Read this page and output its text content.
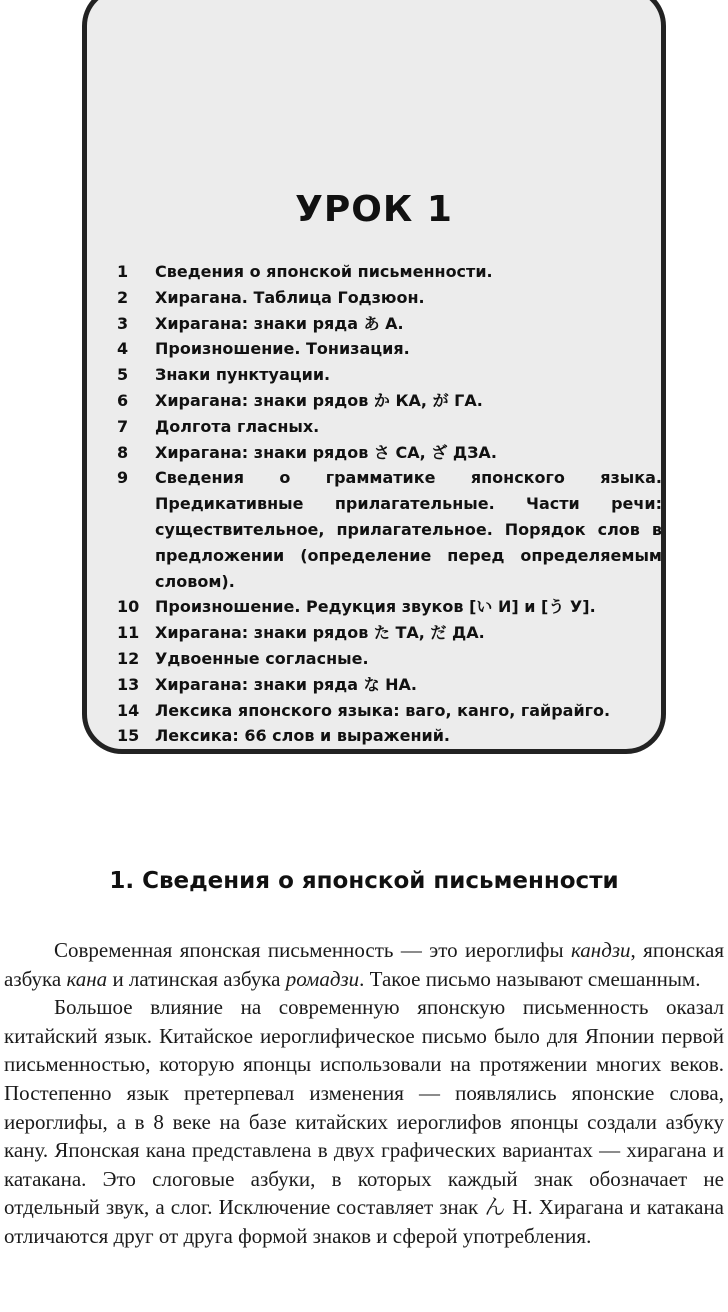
УРОК 1
1	Сведения о японской письменности.
2	Хирагана. Таблица Годзюон.
3	Хирагана: знаки ряда あ А.
4	Произношение. Тонизация.
5	Знаки пунктуации.
6	Хирагана: знаки рядов か КА, が ГА.
7	Долгота гласных.
8	Хирагана: знаки рядов さ СА, ざ ДЗА.
9	Сведения о грамматике японского языка. Предикативные прилагательные. Части речи: существительное, прилагательное. Порядок слов в предложении (определение перед определяемым словом).
10 Произношение. Редукция звуков [い И] и [う У].
11 Хирагана: знаки рядов た ТА, だ ДА.
12 Удвоенные согласные.
13 Хирагана: знаки ряда な НА.
14 Лексика японского языка: ваго, канго, гайрайго.
15 Лексика: 66 слов и выражений.
1. Сведения о японской письменности

Современная японская письменность — это иероглифы кандзи, японская азбука кана и латинская азбука ромадзи. Такое письмо называют смешанным.

Большое влияние на современную японскую письменность оказал китайский язык. Китайское иероглифическое письмо было для Японии первой письменностью, которую японцы использовали на протяжении многих веков. Постепенно язык претерпевал изменения — появлялись японские слова, иероглифы, а в 8 веке на базе китайских иероглифов японцы создали азбуку кану. Японская кана представлена в двух графических вариантах — хирагана и катакана. Это слоговые азбуки, в которых каждый знак обозначает не отдельный звук, а слог. Исключение составляет знак ん Н. Хирагана и катакана отличаются друг от друга формой знаков и сферой употребления.
